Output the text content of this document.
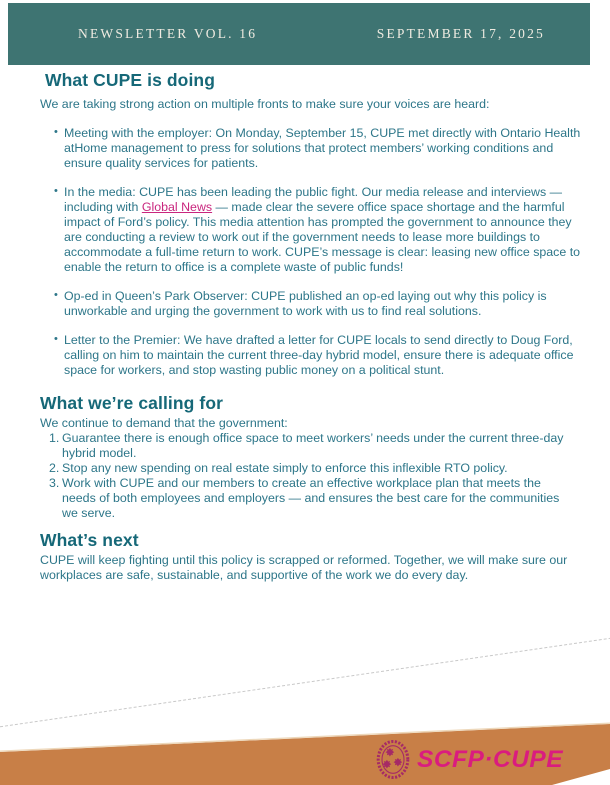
NEWSLETTER VOL. 16	SEPTEMBER 17, 2025
What CUPE is doing

We are taking strong action on multiple fronts to make sure your voices are heard:

• Meeting with the employer: On Monday, September 15, CUPE met directly with Ontario Health atHome management to press for solutions that protect members’ working conditions and ensure quality services for patients.
• In the media: CUPE has been leading the public fight. Our media release and interviews — including with Global News — made clear the severe office space shortage and the harmful impact of Ford’s policy. This media attention has prompted the government to announce they are conducting a review to work out if the government needs to lease more buildings to accommodate a full-time return to work. CUPE’s message is clear: leasing new office space to enable the return to office is a complete waste of public funds!
• Op-ed in Queen’s Park Observer: CUPE published an op-ed laying out why this policy is unworkable and urging the government to work with us to find real solutions.
• Letter to the Premier: We have drafted a letter for CUPE locals to send directly to Doug Ford, calling on him to maintain the current three-day hybrid model, ensure there is adequate office space for workers, and stop wasting public money on a political stunt.
What we’re calling for

We continue to demand that the government:

1. Guarantee there is enough office space to meet workers’ needs under the current three-day hybrid model.
2. Stop any new spending on real estate simply to enforce this inflexible RTO policy.
3. Work with CUPE and our members to create an effective workplace plan that meets the needs of both employees and employers — and ensures the best care for the communities we serve.
What’s next

CUPE will keep fighting until this policy is scrapped or reformed. Together, we will make sure our workplaces are safe, sustainable, and supportive of the work we do every day.

SCFP·CUPE
